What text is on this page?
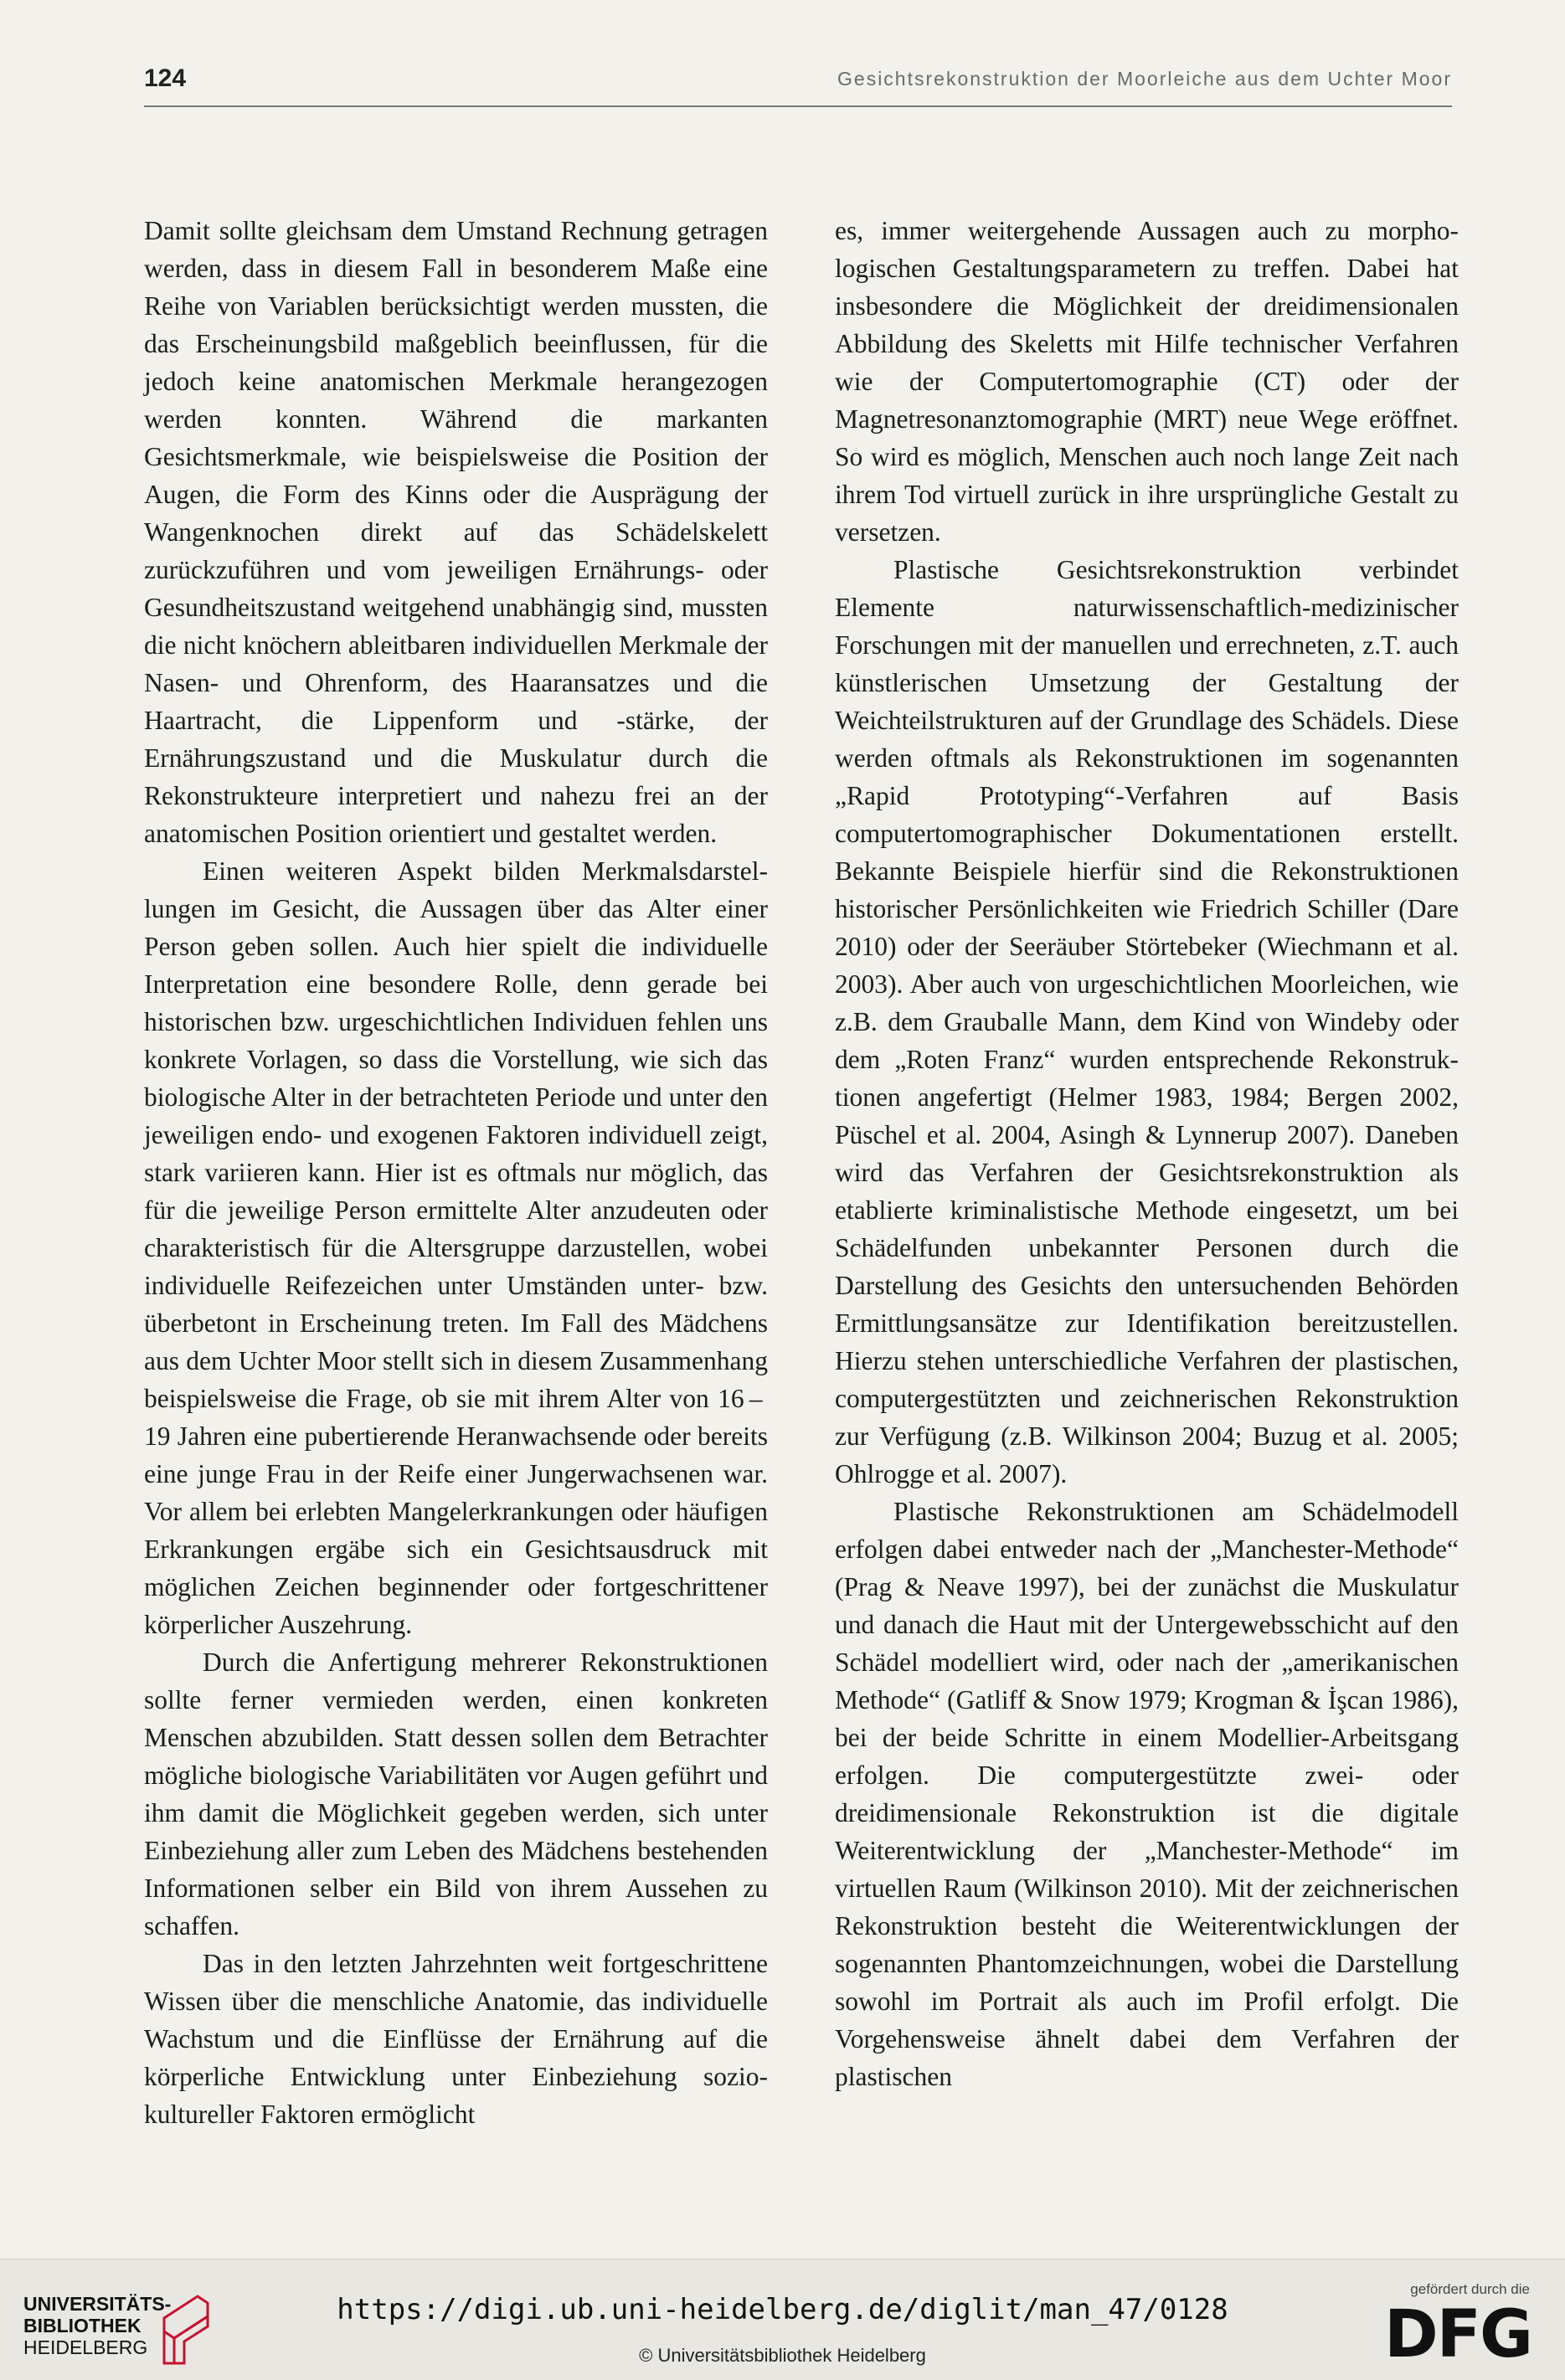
124	Gesichtsrekonstruktion der Moorleiche aus dem Uchter Moor

Damit sollte gleichsam dem Umstand Rechnung getragen werden, dass in diesem Fall in besonderem Maße eine Reihe von Variablen berücksichtigt werden mussten, die das Erscheinungsbild maßgeblich beeinflussen, für die jedoch keine anatomischen Merkmale herangezogen werden konnten. Während die markanten Gesichtsmerkmale, wie beispielsweise die Position der Augen, die Form des Kinns oder die Ausprägung der Wangenknochen direkt auf das Schädelskelett zurückzuführen und vom jeweiligen Ernährungs- oder Gesundheitszustand weitgehend unabhängig sind, mussten die nicht knöchern ableitbaren individuellen Merkmale der Nasen- und Ohrenform, des Haaransatzes und die Haartracht, die Lippenform und -stärke, der Ernährungszustand und die Muskulatur durch die Rekonstrukteure interpretiert und nahezu frei an der anatomischen Position orientiert und gestaltet werden.

Einen weiteren Aspekt bilden Merkmalsdarstellungen im Gesicht, die Aussagen über das Alter einer Person geben sollen. Auch hier spielt die individuelle Interpretation eine besondere Rolle, denn gerade bei historischen bzw. urgeschichtlichen Individuen fehlen uns konkrete Vorlagen, so dass die Vorstellung, wie sich das biologische Alter in der betrachteten Periode und unter den jeweiligen endo- und exogenen Faktoren individuell zeigt, stark variieren kann. Hier ist es oftmals nur möglich, das für die jeweilige Person ermittelte Alter anzudeuten oder charakteristisch für die Altersgruppe darzustellen, wobei individuelle Reifezeichen unter Umständen unter- bzw. überbetont in Erscheinung treten. Im Fall des Mädchens aus dem Uchter Moor stellt sich in diesem Zusammenhang beispielsweise die Frage, ob sie mit ihrem Alter von 16 – 19 Jahren eine pubertierende Heranwachsende oder bereits eine junge Frau in der Reife einer Jungerwachsenen war. Vor allem bei erlebten Mangelerkrankungen oder häufigen Erkrankungen ergäbe sich ein Gesichtsausdruck mit möglichen Zeichen beginnender oder fortgeschrittener körperlicher Auszehrung.

Durch die Anfertigung mehrerer Rekonstruktionen sollte ferner vermieden werden, einen konkreten Menschen abzubilden. Statt dessen sollen dem Betrachter mögliche biologische Variabilitäten vor Augen geführt und ihm damit die Möglichkeit gegeben werden, sich unter Einbeziehung aller zum Leben des Mädchens bestehenden Informationen selber ein Bild von ihrem Aussehen zu schaffen.

Das in den letzten Jahrzehnten weit fortgeschrittene Wissen über die menschliche Anatomie, das individuelle Wachstum und die Einflüsse der Ernährung auf die körperliche Entwicklung unter Einbeziehung sozio-kultureller Faktoren ermöglicht

es, immer weitergehende Aussagen auch zu morphologischen Gestaltungsparametern zu treffen. Dabei hat insbesondere die Möglichkeit der dreidimensionalen Abbildung des Skeletts mit Hilfe technischer Verfahren wie der Computertomographie (CT) oder der Magnetresonanztomographie (MRT) neue Wege eröffnet. So wird es möglich, Menschen auch noch lange Zeit nach ihrem Tod virtuell zurück in ihre ursprüngliche Gestalt zu versetzen.

Plastische Gesichtsrekonstruktion verbindet Elemente naturwissenschaftlich-medizinischer Forschungen mit der manuellen und errechneten, z.T. auch künstlerischen Umsetzung der Gestaltung der Weichteilstrukturen auf der Grundlage des Schädels. Diese werden oftmals als Rekonstruktionen im sogenannten „Rapid Prototyping“-Verfahren auf Basis computertomographischer Dokumentationen erstellt. Bekannte Beispiele hierfür sind die Rekonstruktionen historischer Persönlichkeiten wie Friedrich Schiller (Dare 2010) oder der Seeräuber Störtebeker (Wiechmann et al. 2003). Aber auch von urgeschichtlichen Moorleichen, wie z.B. dem Grauballe Mann, dem Kind von Windeby oder dem „Roten Franz“ wurden entsprechende Rekonstruktionen angefertigt (Helmer 1983, 1984; Bergen 2002, Püschel et al. 2004, Asingh & Lynnerup 2007). Daneben wird das Verfahren der Gesichtsrekonstruktion als etablierte kriminalistische Methode eingesetzt, um bei Schädelfunden unbekannter Personen durch die Darstellung des Gesichts den untersuchenden Behörden Ermittlungsansätze zur Identifikation bereitzustellen. Hierzu stehen unterschiedliche Verfahren der plastischen, computergestützten und zeichnerischen Rekonstruktion zur Verfügung (z.B. Wilkinson 2004; Buzug et al. 2005; Ohlrogge et al. 2007).

Plastische Rekonstruktionen am Schädelmodell erfolgen dabei entweder nach der „Manchester-Methode“ (Prag & Neave 1997), bei der zunächst die Muskulatur und danach die Haut mit der Untergewebsschicht auf den Schädel modelliert wird, oder nach der „amerikanischen Methode“ (Gatliff & Snow 1979; Krogman & İşcan 1986), bei der beide Schritte in einem Modellier-Arbeitsgang erfolgen. Die computergestützte zwei- oder dreidimensionale Rekonstruktion ist die digitale Weiterentwicklung der „Manchester-Methode“ im virtuellen Raum (Wilkinson 2010). Mit der zeichnerischen Rekonstruktion besteht die Weiterentwicklungen der sogenannten Phantomzeichnungen, wobei die Darstellung sowohl im Portrait als auch im Profil erfolgt. Die Vorgehensweise ähnelt dabei dem Verfahren der plastischen

UNIVERSITÄTS-
BIBLIOTHEK
HEIDELBERG

https://digi.ub.uni-heidelberg.de/diglit/man_47/0128

© Universitätsbibliothek Heidelberg

gefördert durch die

DFG
